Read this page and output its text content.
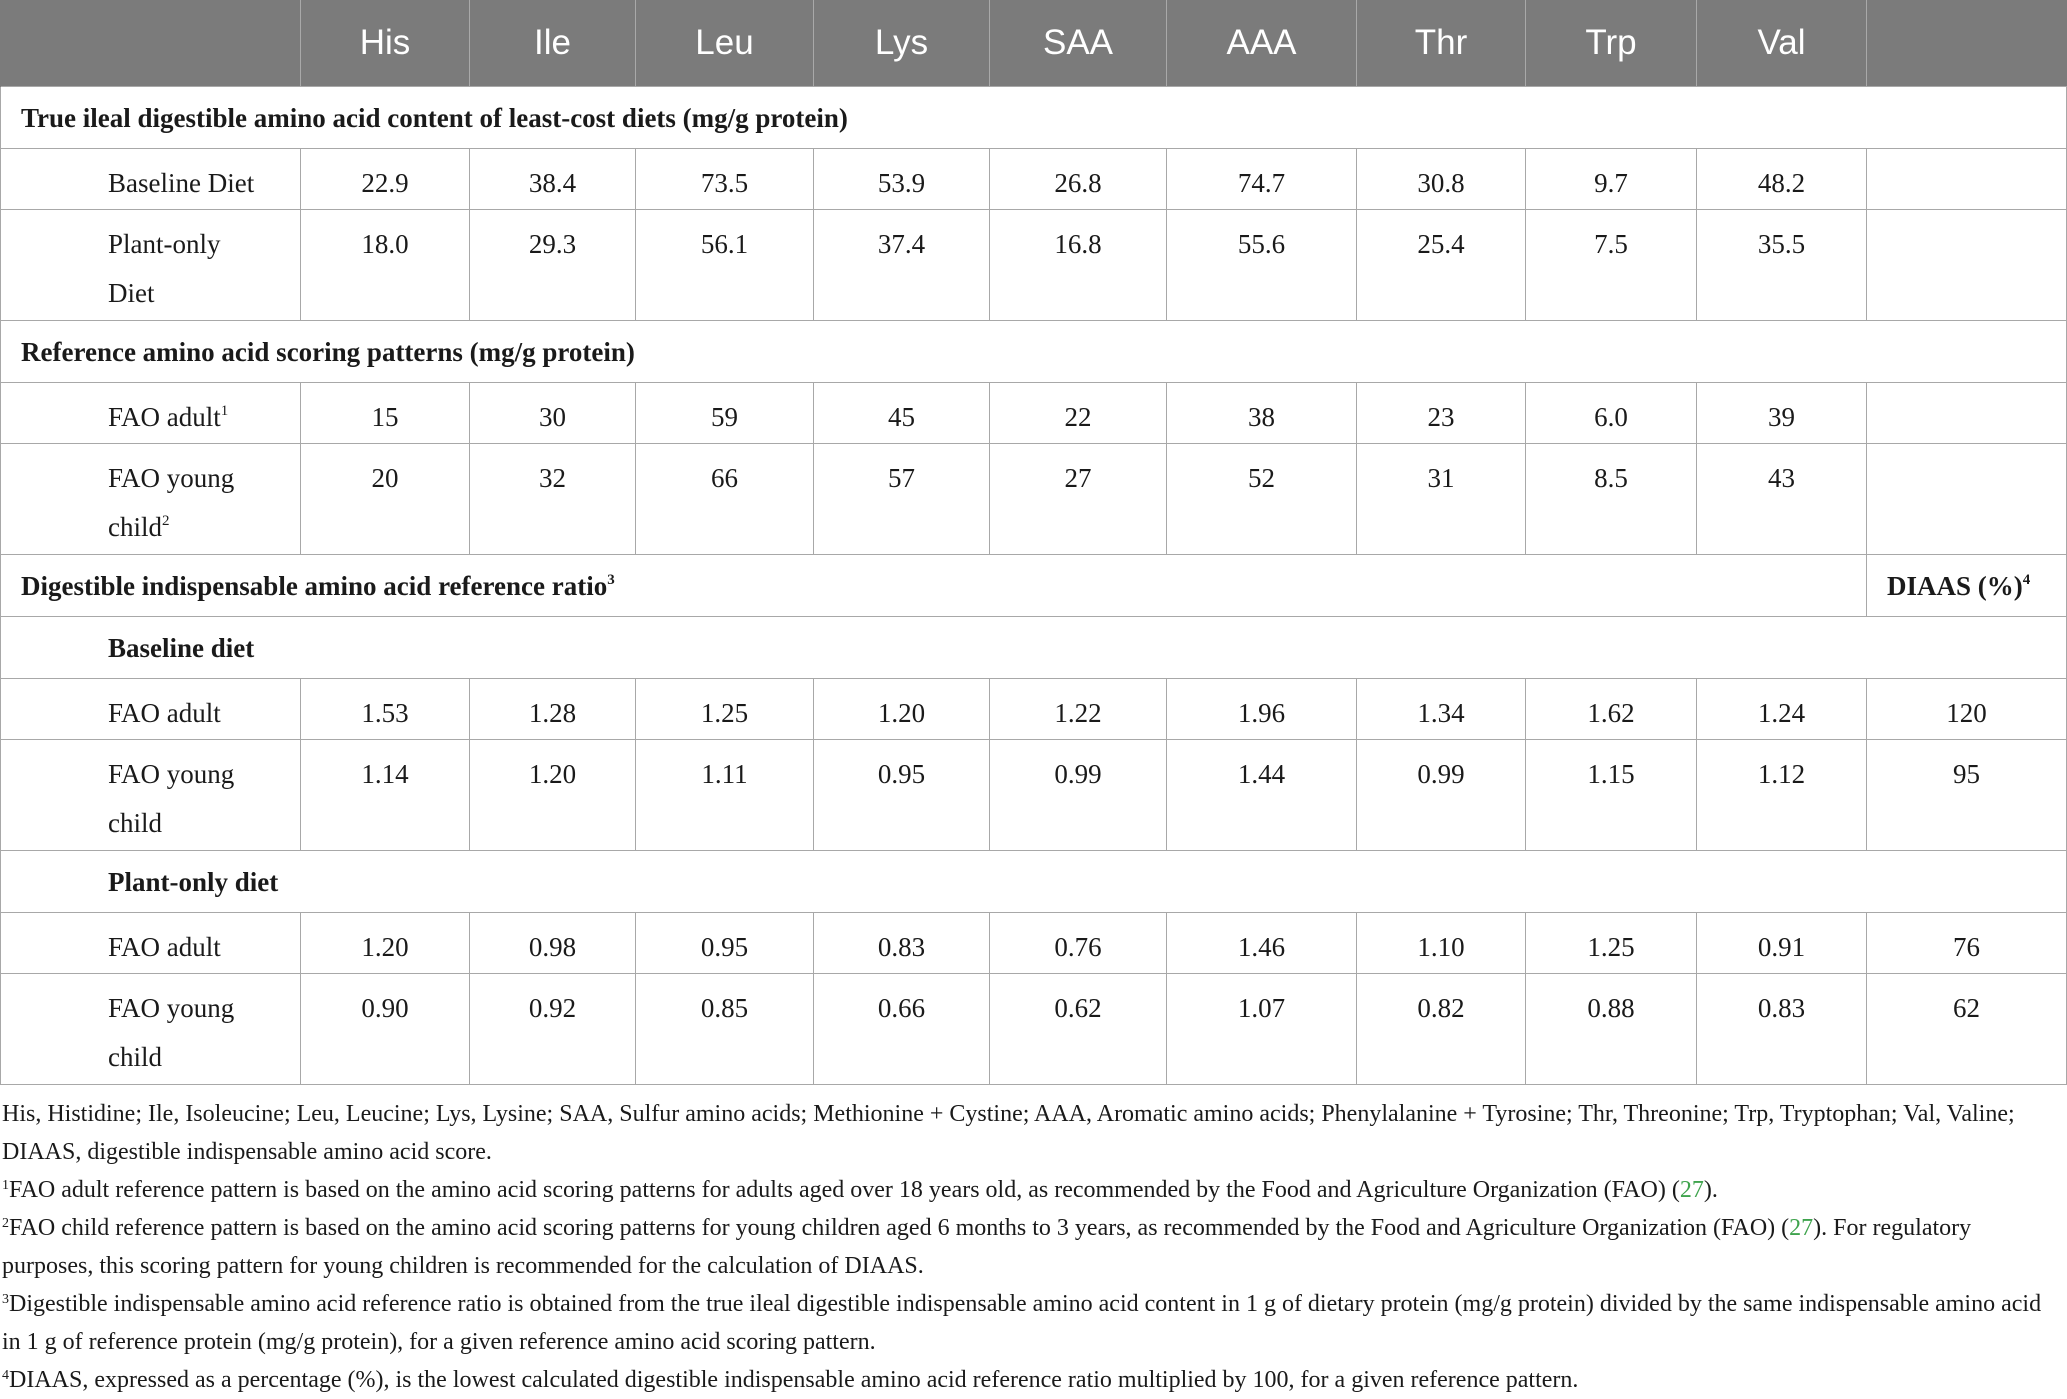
	His	Ile	Leu	Lys	SAA	AAA	Thr	Trp	Val	
True ileal digestible amino acid content of least-cost diets (mg/g protein)										
Baseline Diet	22.9	38.4	73.5	53.9	26.8	74.7	30.8	9.7	48.2	
Plant-only
Diet	18.0	29.3	56.1	37.4	16.8	55.6	25.4	7.5	35.5	
Reference amino acid scoring patterns (mg/g protein)										
FAO adult$^1$	15	30	59	45	22	38	23	6.0	39	
FAO young
child$^2$	20	32	66	57	27	52	31	8.5	43	
Digestible indispensable amino acid reference ratio$^3$										DIAAS (%)$^4$
Baseline diet										
FAO adult	1.53	1.28	1.25	1.20	1.22	1.96	1.34	1.62	1.24	120
FAO young
child	1.14	1.20	1.11	0.95	0.99	1.44	0.99	1.15	1.12	95
Plant-only diet										
FAO adult	1.20	0.98	0.95	0.83	0.76	1.46	1.10	1.25	0.91	76
FAO young
child	0.90	0.92	0.85	0.66	0.62	1.07	0.82	0.88	0.83	62

His, Histidine; Ile, Isoleucine; Leu, Leucine; Lys, Lysine; SAA, Sulfur amino acids; Methionine + Cystine; AAA, Aromatic amino acids; Phenylalanine + Tyrosine; Thr, Threonine; Trp, Tryptophan; Val, Valine; DIAAS, digestible indispensable amino acid score.

$^1$FAO adult reference pattern is based on the amino acid scoring patterns for adults aged over 18 years old, as recommended by the Food and Agriculture Organization (FAO) (27).

$^2$FAO child reference pattern is based on the amino acid scoring patterns for young children aged 6 months to 3 years, as recommended by the Food and Agriculture Organization (FAO) (27). For regulatory purposes, this scoring pattern for young children is recommended for the calculation of DIAAS.

$^3$Digestible indispensable amino acid reference ratio is obtained from the true ileal digestible indispensable amino acid content in 1 g of dietary protein (mg/g protein) divided by the same indispensable amino acid in 1 g of reference protein (mg/g protein), for a given reference amino acid scoring pattern.

$^4$DIAAS, expressed as a percentage (%), is the lowest calculated digestible indispensable amino acid reference ratio multiplied by 100, for a given reference pattern.
